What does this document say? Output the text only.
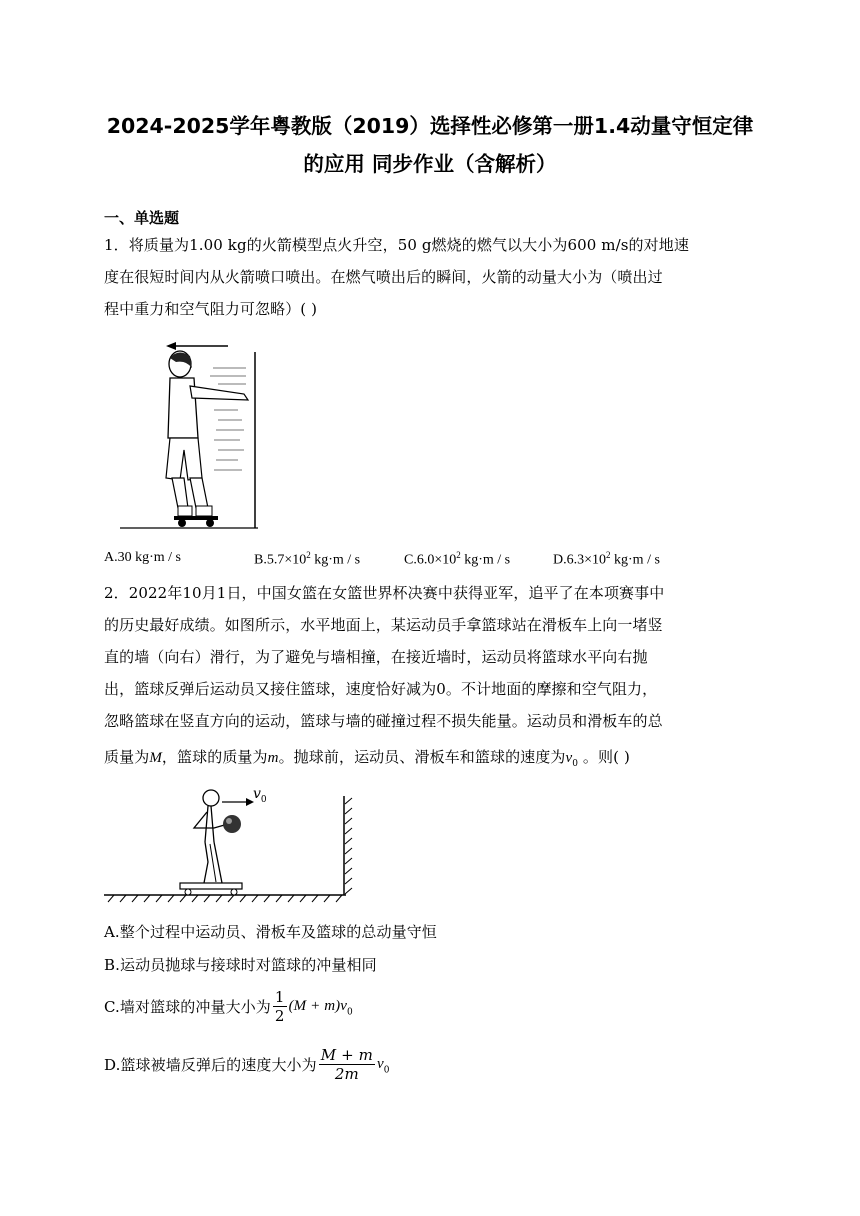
2024-2025学年粤教版（2019）选择性必修第一册1.4动量守恒定律
的应用 同步作业（含解析）
一、单选题
1．将质量为1.00 kg的火箭模型点火升空，50 g燃烧的燃气以大小为600 m/s的对地速
度在很短时间内从火箭喷口喷出。在燃气喷出后的瞬间，火箭的动量大小为（喷出过
程中重力和空气阻力可忽略）( )
A.30 kg·m / s	$B.5.7\times 10^2$ kg·m / s	$C.6.0\times 10^2$ kg·m / s	$D.6.3\times 10^2$ kg·m / s
2．2022年10月1日，中国女篮在女篮世界杯决赛中获得亚军，追平了在本项赛事中
的历史最好成绩。如图所示，水平地面上，某运动员手拿篮球站在滑板车上向一堵竖
直的墙（向右）滑行，为了避免与墙相撞，在接近墙时，运动员将篮球水平向右抛
出，篮球反弹后运动员又接住篮球，速度恰好减为0。不计地面的摩擦和空气阻力，
忽略篮球在竖直方向的运动，篮球与墙的碰撞过程不损失能量。运动员和滑板车的总
质量为M，篮球的质量为m。抛球前，运动员、滑板车和篮球的速度为$v_0$ 。则( )
$v_0$
A.整个过程中运动员、滑板车及篮球的总动量守恒
B.运动员抛球与接球时对篮球的冲量相同
C.墙对篮球的冲量大小为 $\frac{1}{2} (M + m)v_0$
D.篮球被墙反弹后的速度大小为 $\frac{M + m}{2m} v_0$
